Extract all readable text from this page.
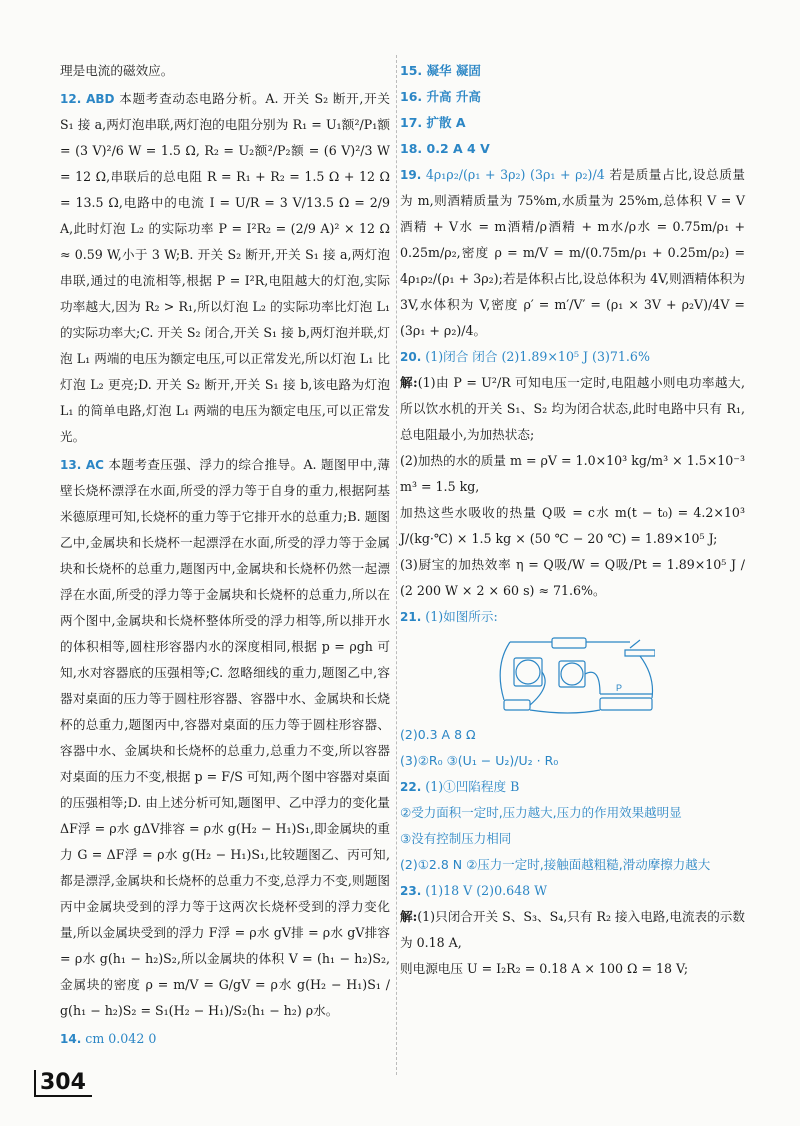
理是电流的磁效应。

12. ABD 本题考查动态电路分析。A. 开关 S₂ 断开,开关 S₁ 接 a,两灯泡串联,两灯泡的电阻分别为 R₁ = U₁额²/P₁额 = (3 V)²/6 W = 1.5 Ω, R₂ = U₂额²/P₂额 = (6 V)²/3 W = 12 Ω,串联后的总电阻 R = R₁ + R₂ = 1.5 Ω + 12 Ω = 13.5 Ω,电路中的电流 I = U/R = 3 V/13.5 Ω = 2/9 A,此时灯泡 L₂ 的实际功率 P = I²R₂ = (2/9 A)² × 12 Ω ≈ 0.59 W,小于 3 W;B. 开关 S₂ 断开,开关 S₁ 接 a,两灯泡串联,通过的电流相等,根据 P = I²R,电阻越大的灯泡,实际功率越大,因为 R₂ > R₁,所以灯泡 L₂ 的实际功率比灯泡 L₁ 的实际功率大;C. 开关 S₂ 闭合,开关 S₁ 接 b,两灯泡并联,灯泡 L₁ 两端的电压为额定电压,可以正常发光,所以灯泡 L₁ 比灯泡 L₂ 更亮;D. 开关 S₂ 断开,开关 S₁ 接 b,该电路为灯泡 L₁ 的简单电路,灯泡 L₁ 两端的电压为额定电压,可以正常发光。

13. AC 本题考查压强、浮力的综合推导。A. 题图甲中,薄壁长烧杯漂浮在水面,所受的浮力等于自身的重力,根据阿基米德原理可知,长烧杯的重力等于它排开水的总重力;B. 题图乙中,金属块和长烧杯一起漂浮在水面,所受的浮力等于金属块和长烧杯的总重力,题图丙中,金属块和长烧杯仍然一起漂浮在水面,所受的浮力等于金属块和长烧杯的总重力,所以在两个图中,金属块和长烧杯整体所受的浮力相等,所以排开水的体积相等,圆柱形容器内水的深度相同,根据 p = ρgh 可知,水对容器底的压强相等;C. 忽略细线的重力,题图乙中,容器对桌面的压力等于圆柱形容器、容器中水、金属块和长烧杯的总重力,题图丙中,容器对桌面的压力等于圆柱形容器、容器中水、金属块和长烧杯的总重力,总重力不变,所以容器对桌面的压力不变,根据 p = F/S 可知,两个图中容器对桌面的压强相等;D. 由上述分析可知,题图甲、乙中浮力的变化量 ΔF浮 = ρ水 gΔV排容 = ρ水 g(H₂ − H₁)S₁,即金属块的重力 G = ΔF浮 = ρ水 g(H₂ − H₁)S₁,比较题图乙、丙可知,都是漂浮,金属块和长烧杯的总重力不变,总浮力不变,则题图丙中金属块受到的浮力等于这两次长烧杯受到的浮力变化量,所以金属块受到的浮力 F浮 = ρ水 gV排 = ρ水 gV排容 = ρ水 g(h₁ − h₂)S₂,所以金属块的体积 V = (h₁ − h₂)S₂,金属块的密度 ρ = m/V = G/gV = ρ水 g(H₂ − H₁)S₁ / g(h₁ − h₂)S₂ = S₁(H₂ − H₁)/S₂(h₁ − h₂) ρ水。

14. cm 0.042 0

15. 凝华 凝固
16. 升高 升高
17. 扩散 A
18. 0.2 A 4 V

19. 4ρ₁ρ₂/(ρ₁ + 3ρ₂) (3ρ₁ + ρ₂)/4 若是质量占比,设总质量为 m,则酒精质量为 75%m,水质量为 25%m,总体积 V = V酒精 + V水 = m酒精/ρ酒精 + m水/ρ水 = 0.75m/ρ₁ + 0.25m/ρ₂,密度 ρ = m/V = m/(0.75m/ρ₁ + 0.25m/ρ₂) = 4ρ₁ρ₂/(ρ₁ + 3ρ₂);若是体积占比,设总体积为 4V,则酒精体积为 3V,水体积为 V,密度 ρ′ = m′/V′ = (ρ₁ × 3V + ρ₂V)/4V = (3ρ₁ + ρ₂)/4。

20. (1)闭合 闭合 (2)1.89×10⁵ J (3)71.6%

解:(1)由 P = U²/R 可知电压一定时,电阻越小则电功率越大,所以饮水机的开关 S₁、S₂ 均为闭合状态,此时电路中只有 R₁,总电阻最小,为加热状态;

(2)加热的水的质量 m = ρV = 1.0×10³ kg/m³ × 1.5×10⁻³ m³ = 1.5 kg,

加热这些水吸收的热量 Q吸 = c水 m(t − t₀) = 4.2×10³ J/(kg·℃) × 1.5 kg × (50 ℃ − 20 ℃) = 1.89×10⁵ J;

(3)厨宝的加热效率 η = Q吸/W = Q吸/Pt = 1.89×10⁵ J / (2 200 W × 2 × 60 s) ≈ 71.6%。

21. (1)如图所示:

P
(2)0.3 A 8 Ω
(3)②R₀ ③(U₁ − U₂)/U₂ · R₀

22. (1)①凹陷程度 B

②受力面积一定时,压力越大,压力的作用效果越明显
③没有控制压力相同
(2)①2.8 N ②压力一定时,接触面越粗糙,滑动摩擦力越大

23. (1)18 V (2)0.648 W

解:(1)只闭合开关 S、S₃、S₄,只有 R₂ 接入电路,电流表的示数为 0.18 A,

则电源电压 U = I₂R₂ = 0.18 A × 100 Ω = 18 V;

304
